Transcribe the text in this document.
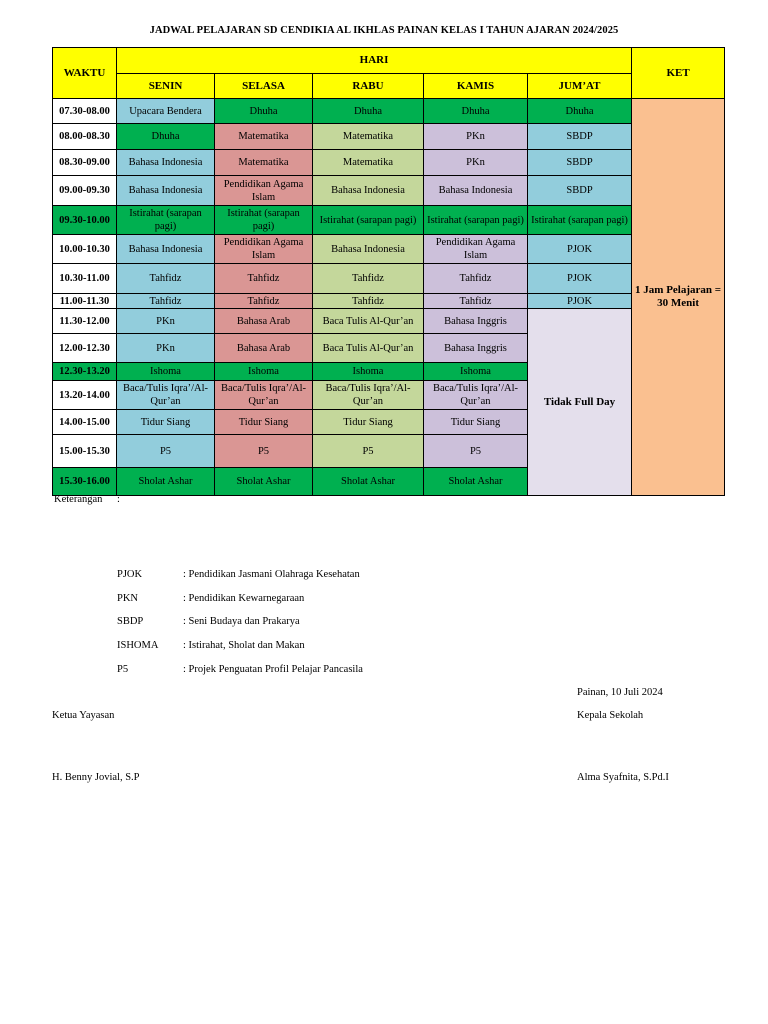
JADWAL PELAJARAN SD CENDIKIA AL IKHLAS PAINAN KELAS I TAHUN AJARAN 2024/2025
WAKTU	HARI					KET
	SENIN	SELASA	RABU	KAMIS	JUM’AT	
07.30-08.00	Upacara Bendera	Dhuha	Dhuha	Dhuha	Dhuha	1 Jam Pelajaran = 30 Menit
08.00-08.30	Dhuha	Matematika	Matematika	PKn	SBDP	
08.30-09.00	Bahasa Indonesia	Matematika	Matematika	PKn	SBDP	
09.00-09.30	Bahasa Indonesia	Pendidikan Agama Islam	Bahasa Indonesia	Bahasa Indonesia	SBDP	
09.30-10.00	Istirahat (sarapan pagi)	Istirahat (sarapan pagi)	Istirahat (sarapan pagi)	Istirahat (sarapan pagi)	Istirahat (sarapan pagi)	
10.00-10.30	Bahasa Indonesia	Pendidikan Agama Islam	Bahasa Indonesia	Pendidikan Agama Islam	PJOK	
10.30-11.00	Tahfidz	Tahfidz	Tahfidz	Tahfidz	PJOK	
11.00-11.30	Tahfidz	Tahfidz	Tahfidz	Tahfidz	PJOK	
11.30-12.00	PKn	Bahasa Arab	Baca Tulis Al-Qur’an	Bahasa Inggris	Tidak Full Day	
12.00-12.30	PKn	Bahasa Arab	Baca Tulis Al-Qur’an	Bahasa Inggris		
12.30-13.20	Ishoma	Ishoma	Ishoma	Ishoma		
13.20-14.00	Baca/Tulis Iqra’/Al-Qur’an	Baca/Tulis Iqra’/Al-Qur’an	Baca/Tulis Iqra’/Al-Qur’an	Baca/Tulis Iqra’/Al-Qur’an		
14.00-15.00	Tidur Siang	Tidur Siang	Tidur Siang	Tidur Siang		
15.00-15.30	P5	P5	P5	P5		
15.30-16.00	Sholat Ashar	Sholat Ashar	Sholat Ashar	Sholat Ashar		
Keterangan :
PJOK	: Pendidikan Jasmani Olahraga Kesehatan
PKN	: Pendidikan Kewarnegaraan
SBDP	: Seni Budaya dan Prakarya
ISHOMA : Istirahat, Sholat dan Makan
P5	: Projek Penguatan Profil Pelajar Pancasila
Painan, 10 Juli 2024
Ketua Yayasan	Kepala Sekolah
H. Benny Jovial, S.P	Alma Syafnita, S.Pd.I
